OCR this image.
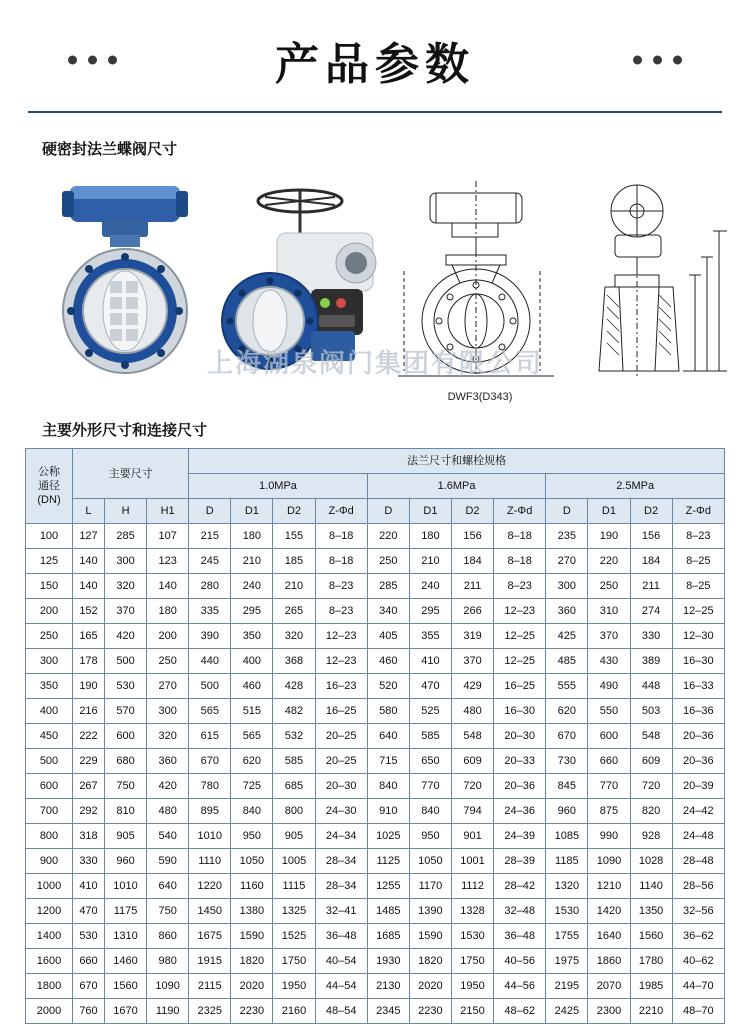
产品参数
硬密封法兰蝶阀尺寸
DWF3(D343)
上海湖泉阀门集团有限公司
主要外形尺寸和连接尺寸
公称
通径
(DN)	主要尺寸			法兰尺寸和螺栓规格											
				1.0MPa				1.6MPa				2.5MPa			
	L	H	H1	D	D1	D2	Z-Φd	D	D1	D2	Z-Φd	D	D1	D2	Z-Φd
100	127	285	107	215	180	155	8–18	220	180	156	8–18	235	190	156	8–23
125	140	300	123	245	210	185	8–18	250	210	184	8–18	270	220	184	8–25
150	140	320	140	280	240	210	8–23	285	240	211	8–23	300	250	211	8–25
200	152	370	180	335	295	265	8–23	340	295	266	12–23	360	310	274	12–25
250	165	420	200	390	350	320	12–23	405	355	319	12–25	425	370	330	12–30
300	178	500	250	440	400	368	12–23	460	410	370	12–25	485	430	389	16–30
350	190	530	270	500	460	428	16–23	520	470	429	16–25	555	490	448	16–33
400	216	570	300	565	515	482	16–25	580	525	480	16–30	620	550	503	16–36
450	222	600	320	615	565	532	20–25	640	585	548	20–30	670	600	548	20–36
500	229	680	360	670	620	585	20–25	715	650	609	20–33	730	660	609	20–36
600	267	750	420	780	725	685	20–30	840	770	720	20–36	845	770	720	20–39
700	292	810	480	895	840	800	24–30	910	840	794	24–36	960	875	820	24–42
800	318	905	540	1010	950	905	24–34	1025	950	901	24–39	1085	990	928	24–48
900	330	960	590	1110	1050	1005	28–34	1125	1050	1001	28–39	1185	1090	1028	28–48
1000	410	1010	640	1220	1160	1115	28–34	1255	1170	1112	28–42	1320	1210	1140	28–56
1200	470	1175	750	1450	1380	1325	32–41	1485	1390	1328	32–48	1530	1420	1350	32–56
1400	530	1310	860	1675	1590	1525	36–48	1685	1590	1530	36–48	1755	1640	1560	36–62
1600	660	1460	980	1915	1820	1750	40–54	1930	1820	1750	40–56	1975	1860	1780	40–62
1800	670	1560	1090	2115	2020	1950	44–54	2130	2020	1950	44–56	2195	2070	1985	44–70
2000	760	1670	1190	2325	2230	2160	48–54	2345	2230	2150	48–62	2425	2300	2210	48–70
